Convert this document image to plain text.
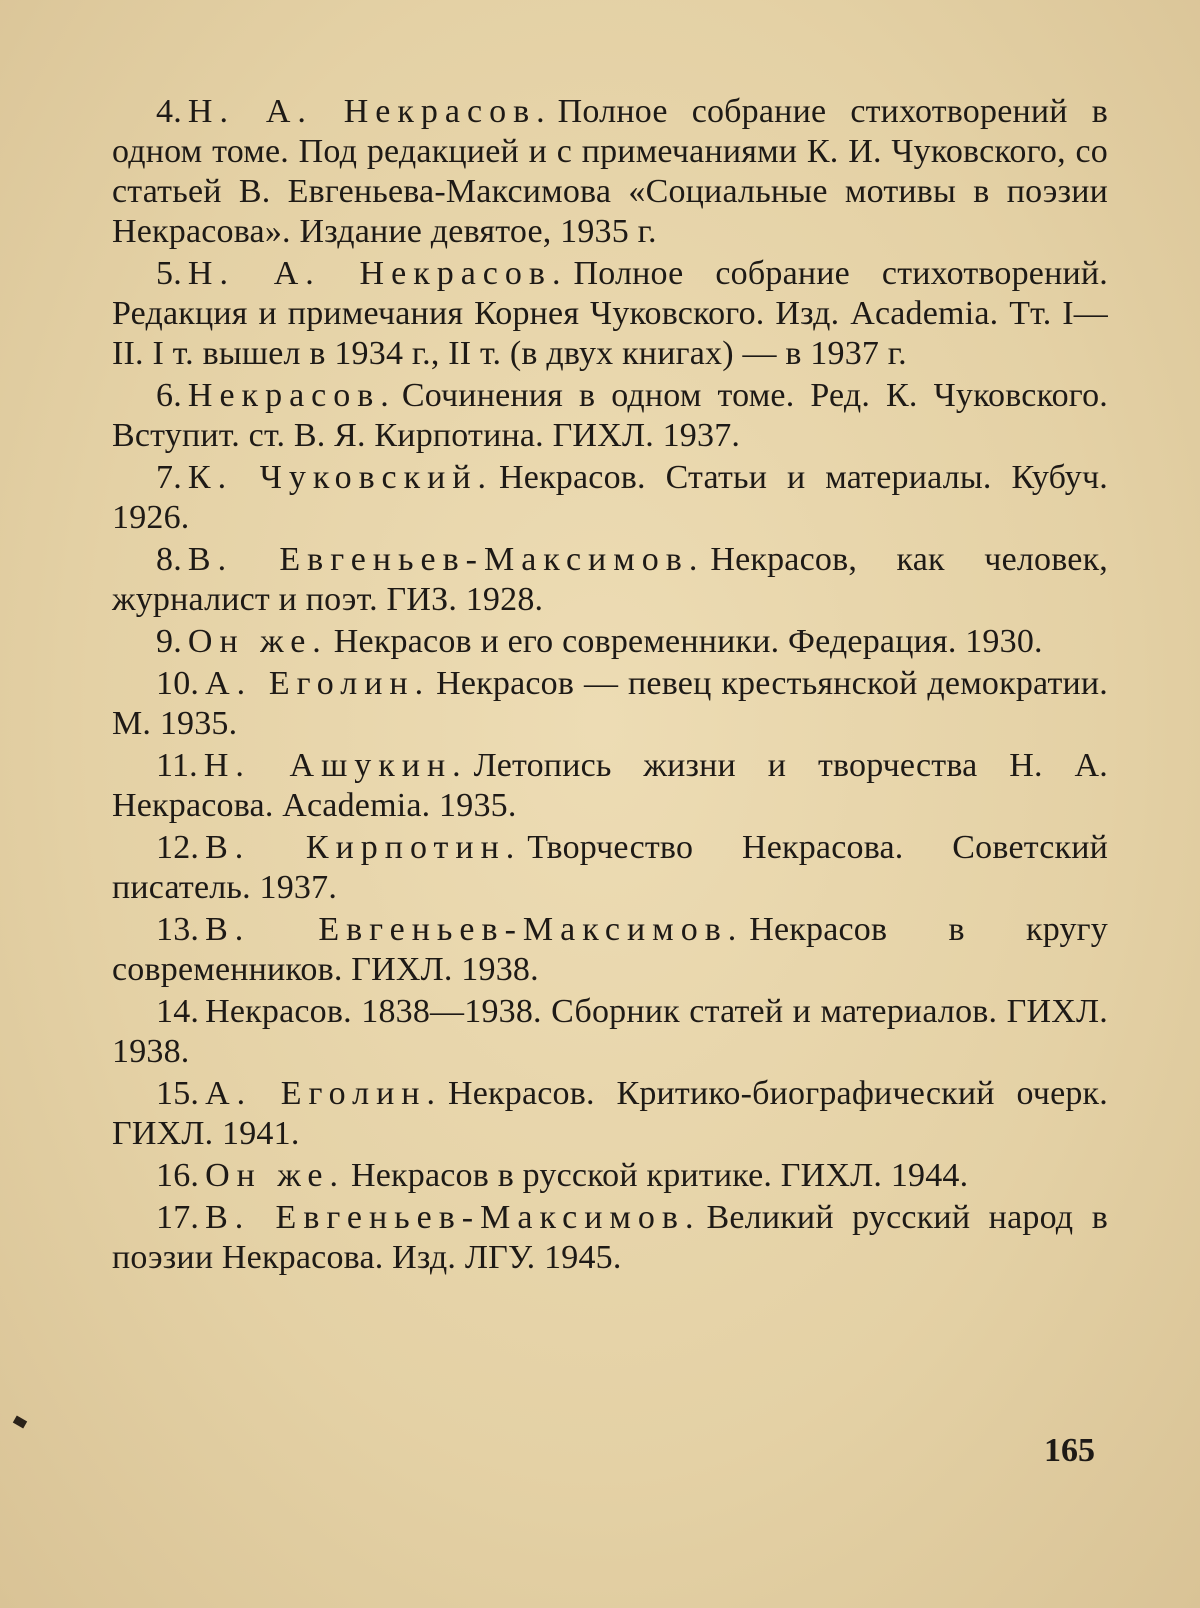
4. Н. А. Некрасов. Полное собрание стихотворений в одном томе. Под редакцией и с примечаниями К. И. Чуковского, со статьей В. Евгеньева-Максимова «Социальные мотивы в поэзии Некрасова». Издание девятое, 1935 г.

5. Н. А. Некрасов. Полное собрание стихотворений. Редакция и примечания Корнея Чуковского. Изд. Academia. Тт. I—II. I т. вышел в 1934 г., II т. (в двух книгах) — в 1937 г.

6. Некрасов. Сочинения в одном томе. Ред. К. Чуковского. Вступит. ст. В. Я. Кирпотина. ГИХЛ. 1937.

7. К. Чуковский. Некрасов. Статьи и материалы. Кубуч. 1926.

8. В. Евгеньев-Максимов. Некрасов, как человек, журналист и поэт. ГИЗ. 1928.

9. Он же. Некрасов и его современники. Федерация. 1930.

10. А. Еголин. Некрасов — певец крестьянской демократии. М. 1935.

11. Н. Ашукин. Летопись жизни и творчества Н. А. Некрасова. Academia. 1935.

12. В. Кирпотин. Творчество Некрасова. Советский писатель. 1937.

13. В. Евгеньев-Максимов. Некрасов в кругу современников. ГИХЛ. 1938.

14. Некрасов. 1838—1938. Сборник статей и материалов. ГИХЛ. 1938.

15. А. Еголин. Некрасов. Критико-биографический очерк. ГИХЛ. 1941.

16. Он же. Некрасов в русской критике. ГИХЛ. 1944.

17. В. Евгеньев-Максимов. Великий русский народ в поэзии Некрасова. Изд. ЛГУ. 1945.

165
